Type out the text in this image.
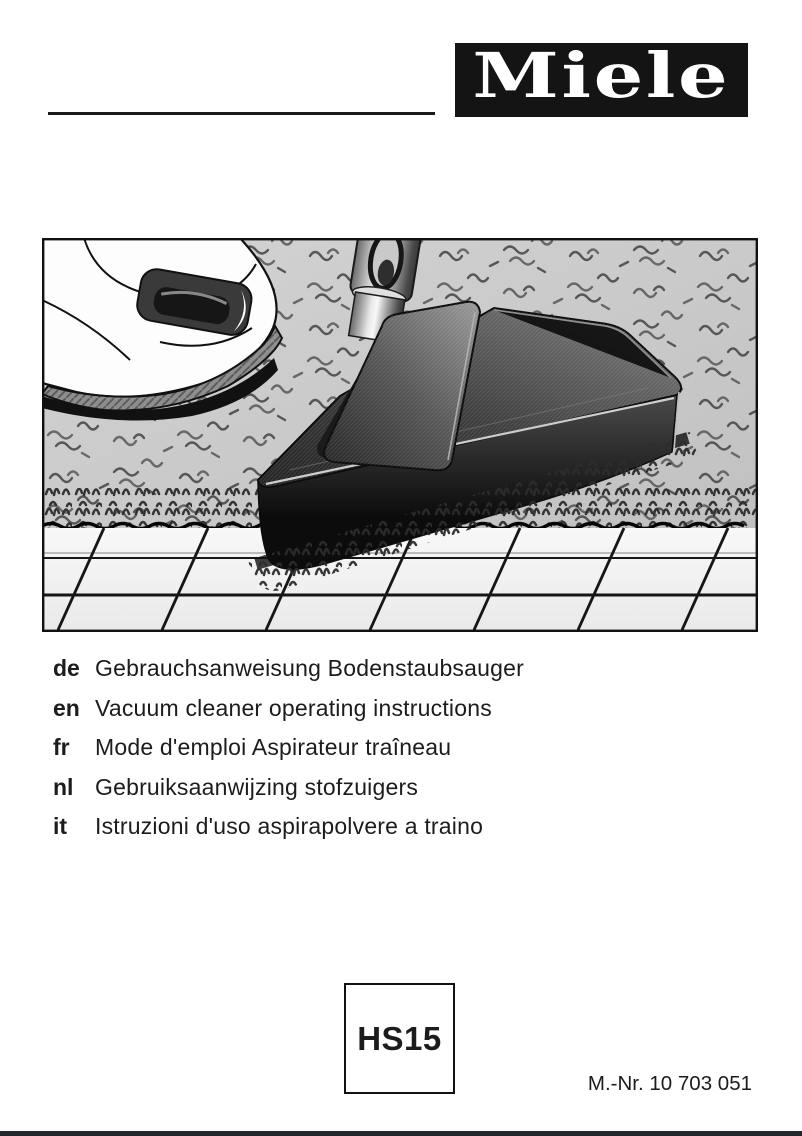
Miele
de Gebrauchsanweisung Bodenstaubsauger
en Vacuum cleaner operating instructions
fr	Mode d'emploi Aspirateur traîneau
nl Gebruiksaanwijzing stofzuigers
it	Istruzioni d'uso aspirapolvere a traino
HS15
M.-Nr. 10 703 051
